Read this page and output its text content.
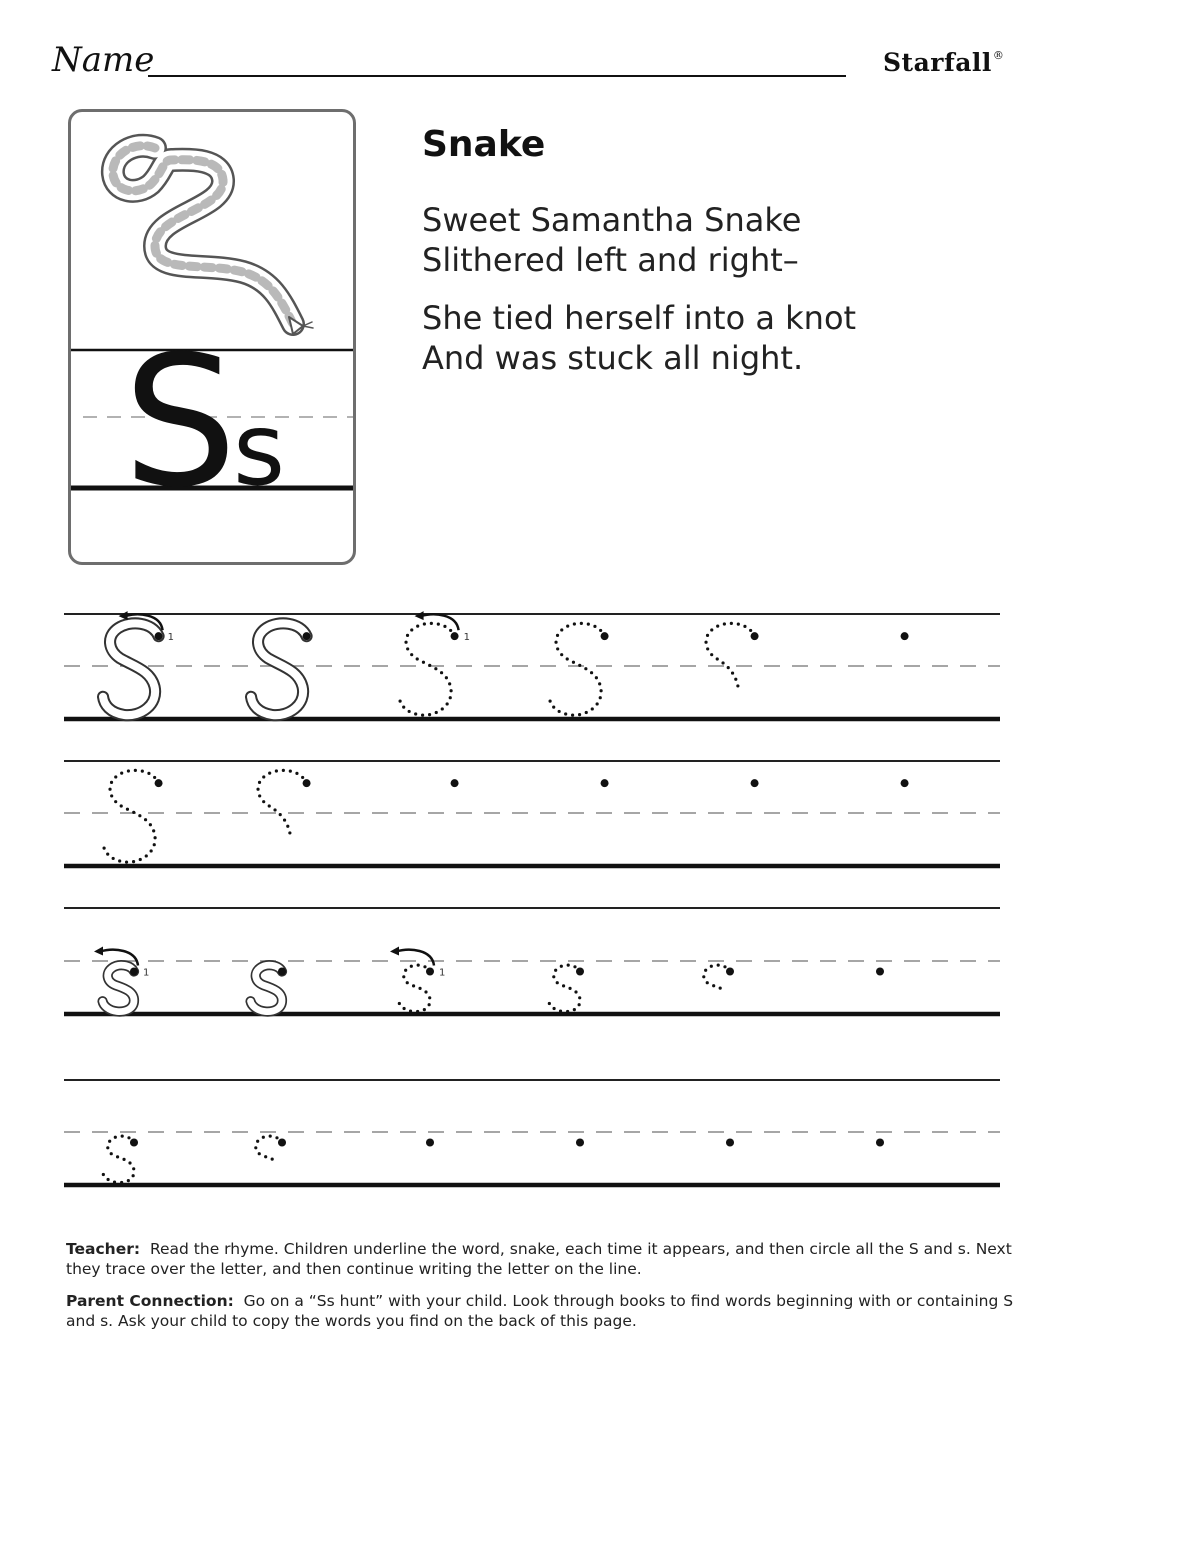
Name	Starfall®
S
s
Snake
Sweet Samantha Snake
Slithered left and right–
She tied herself into a knot
And was stuck all night.
1	1
1	1
Teacher: Read the rhyme. Children underline the word, snake, each time it appears, and then circle all the S and s. Next they trace over the letter, and then continue writing the letter on the line.
Parent Connection: Go on a “Ss hunt” with your child. Look through books to find words beginning with or containing S and s. Ask your child to copy the words you find on the back of this page.
